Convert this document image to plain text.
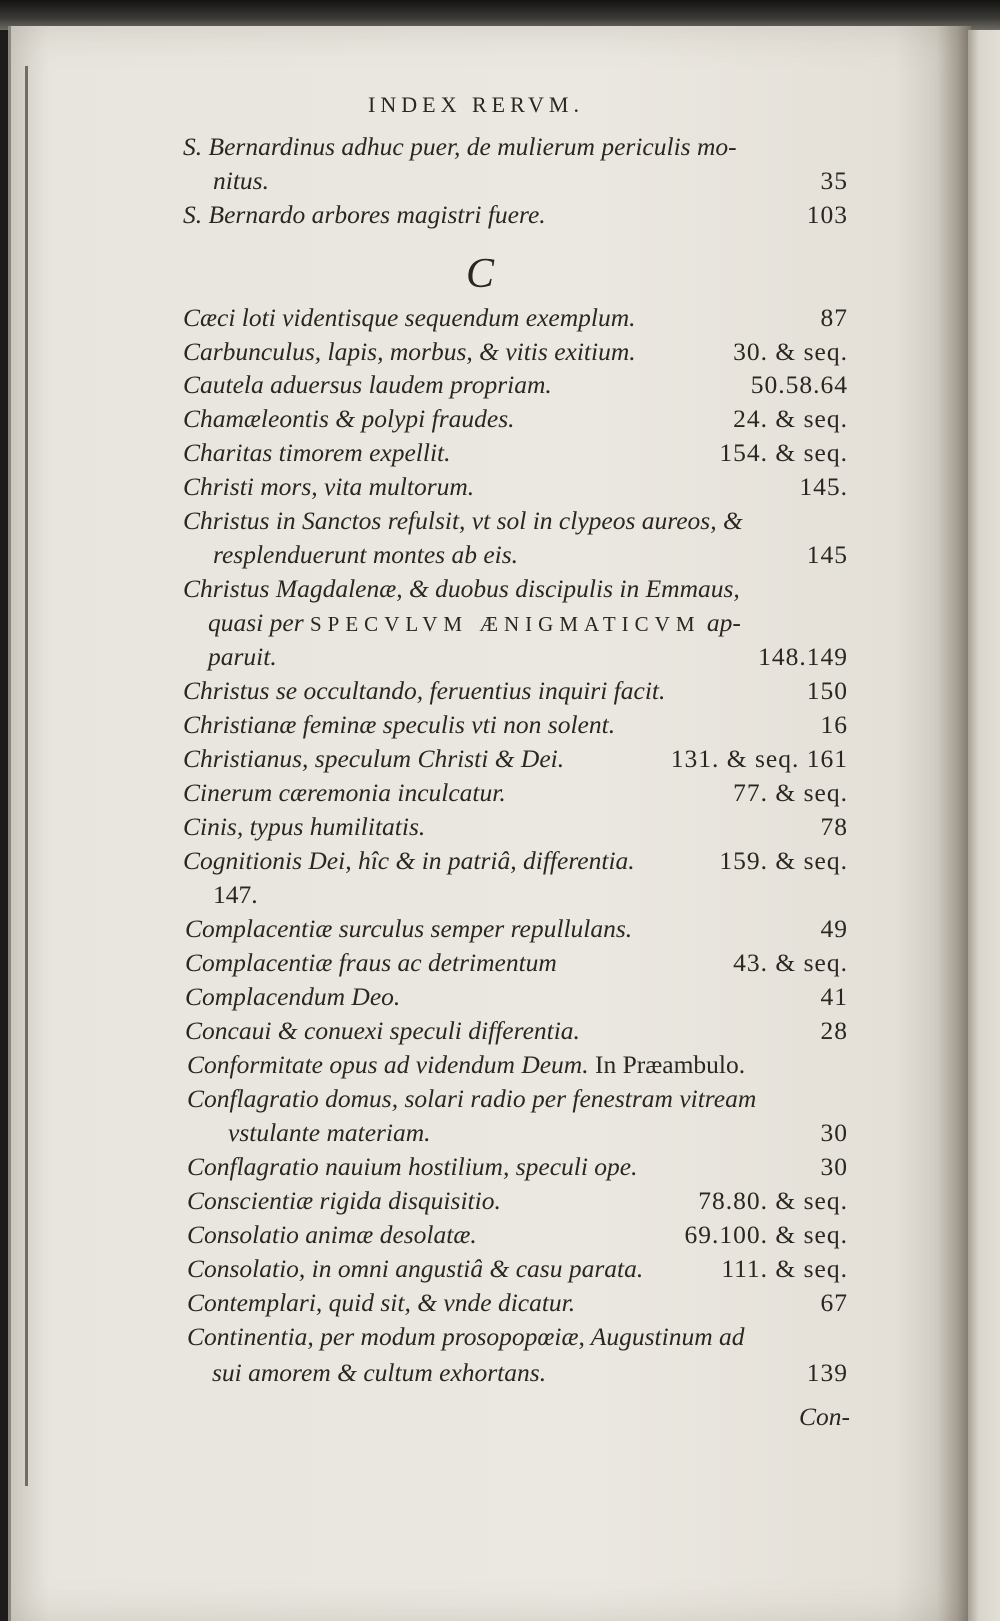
INDEX RERVM.
S. Bernardinus adhuc puer, de mulierum periculis mo-
nitus.	35
S. Bernardo arbores magistri fuere.	103
C
Cæci loti videntisque sequendum exemplum.	87
Carbunculus, lapis, morbus, & vitis exitium.	30. & seq.
Cautela aduersus laudem propriam.	50.58.64
Chamæleontis & polypi fraudes.	24. & seq.
Charitas timorem expellit.	154. & seq.
Christi mors, vita multorum.	145.
Christus in Sanctos refulsit, vt sol in clypeos aureos, &
resplenduerunt montes ab eis.	145
Christus Magdalenæ, & duobus discipulis in Emmaus,
quasi per SPECVLVM ÆNIGMATICVM ap-
paruit.	148.149
Christus se occultando, feruentius inquiri facit.	150
Christianæ feminæ speculis vti non solent.	16
Christianus, speculum Christi & Dei.	131. & seq. 161
Cinerum cæremonia inculcatur.	77. & seq.
Cinis, typus humilitatis.	78
Cognitionis Dei, hîc & in patriâ, differentia.	159. & seq.
147.
Complacentiæ surculus semper repullulans.	49
Complacentiæ fraus ac detrimentum	43. & seq.
Complacendum Deo.	41
Concaui & conuexi speculi differentia.	28
Conformitate opus ad videndum Deum. In Præambulo.
Conflagratio domus, solari radio per fenestram vitream
vstulante materiam.	30
Conflagratio nauium hostilium, speculi ope.	30
Conscientiæ rigida disquisitio.	78.80. & seq.
Consolatio animæ desolatæ.	69.100. & seq.
Consolatio, in omni angustiâ & casu parata.	111. & seq.
Contemplari, quid sit, & vnde dicatur.	67
Continentia, per modum prosopopœiæ, Augustinum ad
sui amorem & cultum exhortans.	139
Con-
